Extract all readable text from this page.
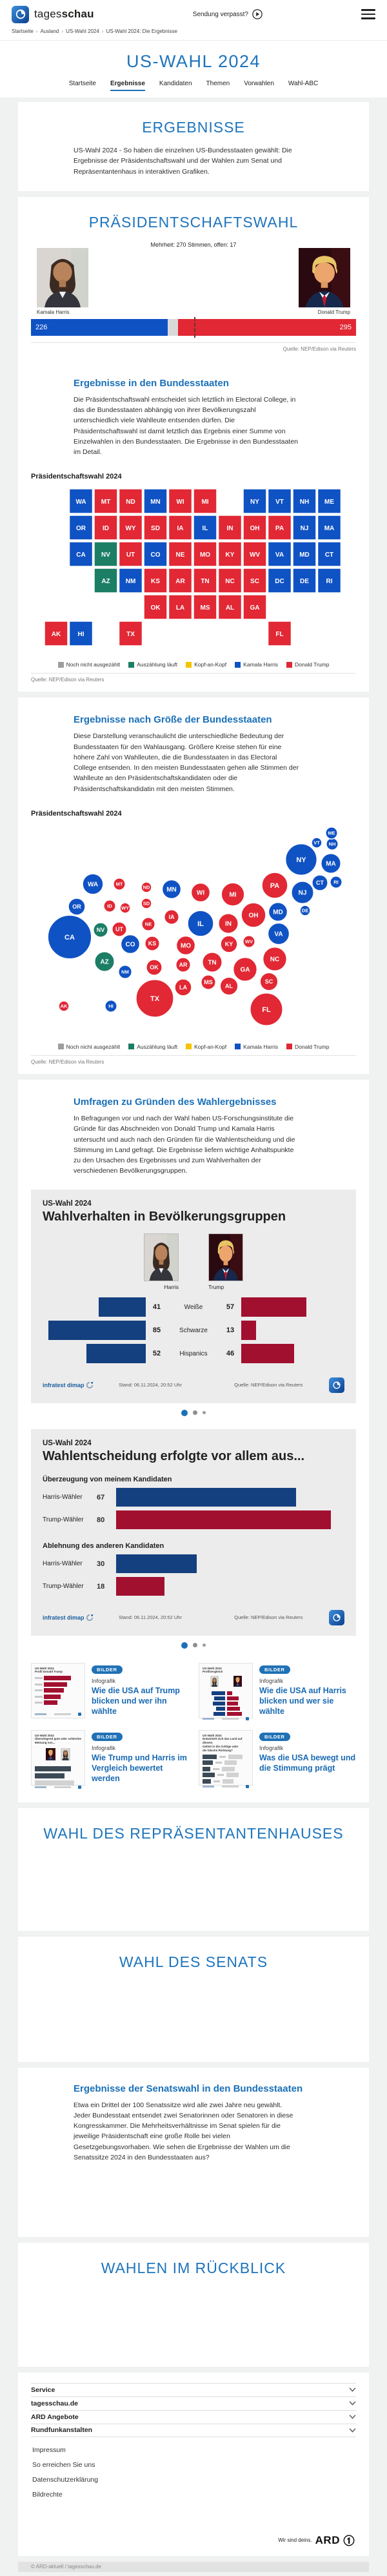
tagesschau	Sendung verpasst?
Startseite › Ausland › US-Wahl 2024 › US-Wahl 2024: Die Ergebnisse
US-WAHL 2024
Startseite Ergebnisse Kandidaten Themen Vorwahlen Wahl-ABC
ERGEBNISSE

US-Wahl 2024 - So haben die einzelnen US-Bundesstaaten gewählt: Die Ergebnisse der Präsidentschaftswahl und der Wahlen zum Senat und Repräsentantenhaus in interaktiven Grafiken.

PRÄSIDENTSCHAFTSWAHL
Mehrheit: 270 Stimmen, offen: 17
Kamala Harris	Donald Trump
226	295
Quelle: NEP/Edison via Reuters
Ergebnisse in den Bundesstaaten

Die Präsidentschaftswahl entscheidet sich letztlich im Electoral College, in das die Bundesstaaten abhängig von ihrer Bevölkerungszahl unterschiedlich viele Wahlleute entsenden dürfen. Die Präsidentschaftswahl ist damit letztlich das Ergebnis einer Summe von Einzelwahlen in den Bundesstaaten. Die Ergebnisse in den Bundesstaaten im Detail.

Präsidentschaftswahl 2024
WA
OR
CA NV
ID
UT
AZ
MT
WY
CO
NM
ND
SD
NE
KS
OK
TX
MN
IA
MO
AR
LA
WI
IL
MS
MI
IN
KY
TN
AL
OH
WV
GA
FL
NY
PA
VA
NC SC
MD
DE
NJ
CT
RI
MA
VT NH ME
AK	HI
DC
Noch nicht ausgezählt	Auszählung läuft	Kopf-an-Kopf	Kamala Harris	Donald Trump
Quelle: NEP/Edison via Reuters
Ergebnisse nach Größe der Bundesstaaten

Diese Darstellung veranschaulicht die unterschiedliche Bedeutung der Bundesstaaten für den Wahlausgang. Größere Kreise stehen für eine höhere Zahl von Wahlleuten, die die Bundesstaaten in das Electoral College entsenden. In den meisten Bundesstaaten gehen alle Stimmen der Wahlleute an den Präsidentschaftskandidaten oder die Präsidentschaftskandidatin mit den meisten Stimmen.

Präsidentschaftswahl 2024
CA
TX
FL
NY
IL
PA
OH
GA
NC
MI	NJ
VA
WA
AZ
IN
TN
MA
CO
MN
MO
WI
MD
AL
SC
OR
LA
KY
OK
CT
NV UT
KS
IA
AR
MS
NM
NE
ID
MT
WV
RI
NH
ME
HI
WY
ND
SD
DE
VT
AK
Noch nicht ausgezählt	Auszählung läuft	Kopf-an-Kopf	Kamala Harris	Donald Trump
Quelle: NEP/Edison via Reuters
Umfragen zu Gründen des Wahlergebnisses

In Befragungen vor und nach der Wahl haben US-Forschungsinstitute die Gründe für das Abschneiden von Donald Trump und Kamala Harris untersucht und auch nach den Gründen für die Wahlentscheidung und die Stimmung im Land gefragt. Die Ergebnisse liefern wichtige Anhaltspunkte zu den Ursachen des Ergebnisses und zum Wahlverhalten der verschiedenen Bevölkerungsgruppen.

US-Wahl 2024
Wahlverhalten in Bevölkerungsgruppen
Harris	Trump
41	Weiße	57
85	Schwarze	13
52	Hispanics	46
infratest dimap	Stand: 06.11.2024, 20:52 Uhr	Quelle: NEP/Edison via Reuters
US-Wahl 2024
Wahlentscheidung erfolgte vor allem aus...
Überzeugung von meinem Kandidaten
Harris-Wähler	67
Trump-Wähler	80
Ablehnung des anderen Kandidaten
Harris-Wähler	30
Trump-Wähler	18
infratest dimap	Stand: 06.11.2024, 20:52 Uhr	Quelle: NEP/Edison via Reuters
US-Wahl 2024
Profil Donald Trump	BILDER
Infografik
Wie die USA auf Trump blicken und wer ihn wählte
US-Wahl 2024
Profilvergleich	BILDER
Infografik
Wie die USA auf Harris blicken und wer sie wählte
US-Wahl 2024
Überwiegend gute oder schlechte
Meinung von...
BILDER
Infografik
Wie Trump und Harris im Vergleich bewertet werden
US-Wahl 2024
Entwickelt sich das Land auf diesem
Gebiet in die richtige oder
die falsche Richtung?
BILDER
Infografik
Was die USA bewegt und die Stimmung prägt
WAHL DES REPRÄSENTANTENHAUSES
WAHL DES SENATS
Ergebnisse der Senatswahl in den Bundesstaaten

Etwa ein Drittel der 100 Senatssitze wird alle zwei Jahre neu gewählt. Jeder Bundesstaat entsendet zwei Senatorinnen oder Senatoren in diese Kongresskammer. Die Mehrheitsverhältnisse im Senat spielen für die jeweilige Präsidentschaft eine große Rolle bei vielen Gesetzgebungsvorhaben. Wie sehen die Ergebnisse der Wahlen um die Senatssitze 2024 in den Bundesstaaten aus?

WAHLEN IM RÜCKBLICK
Service
tagesschau.de
ARD Angebote
Rundfunkanstalten
Impressum
So erreichen Sie uns
Datenschutzerklärung
Bildrechte
Wir sind deins. ARD
© ARD-aktuell / tagesschau.de
